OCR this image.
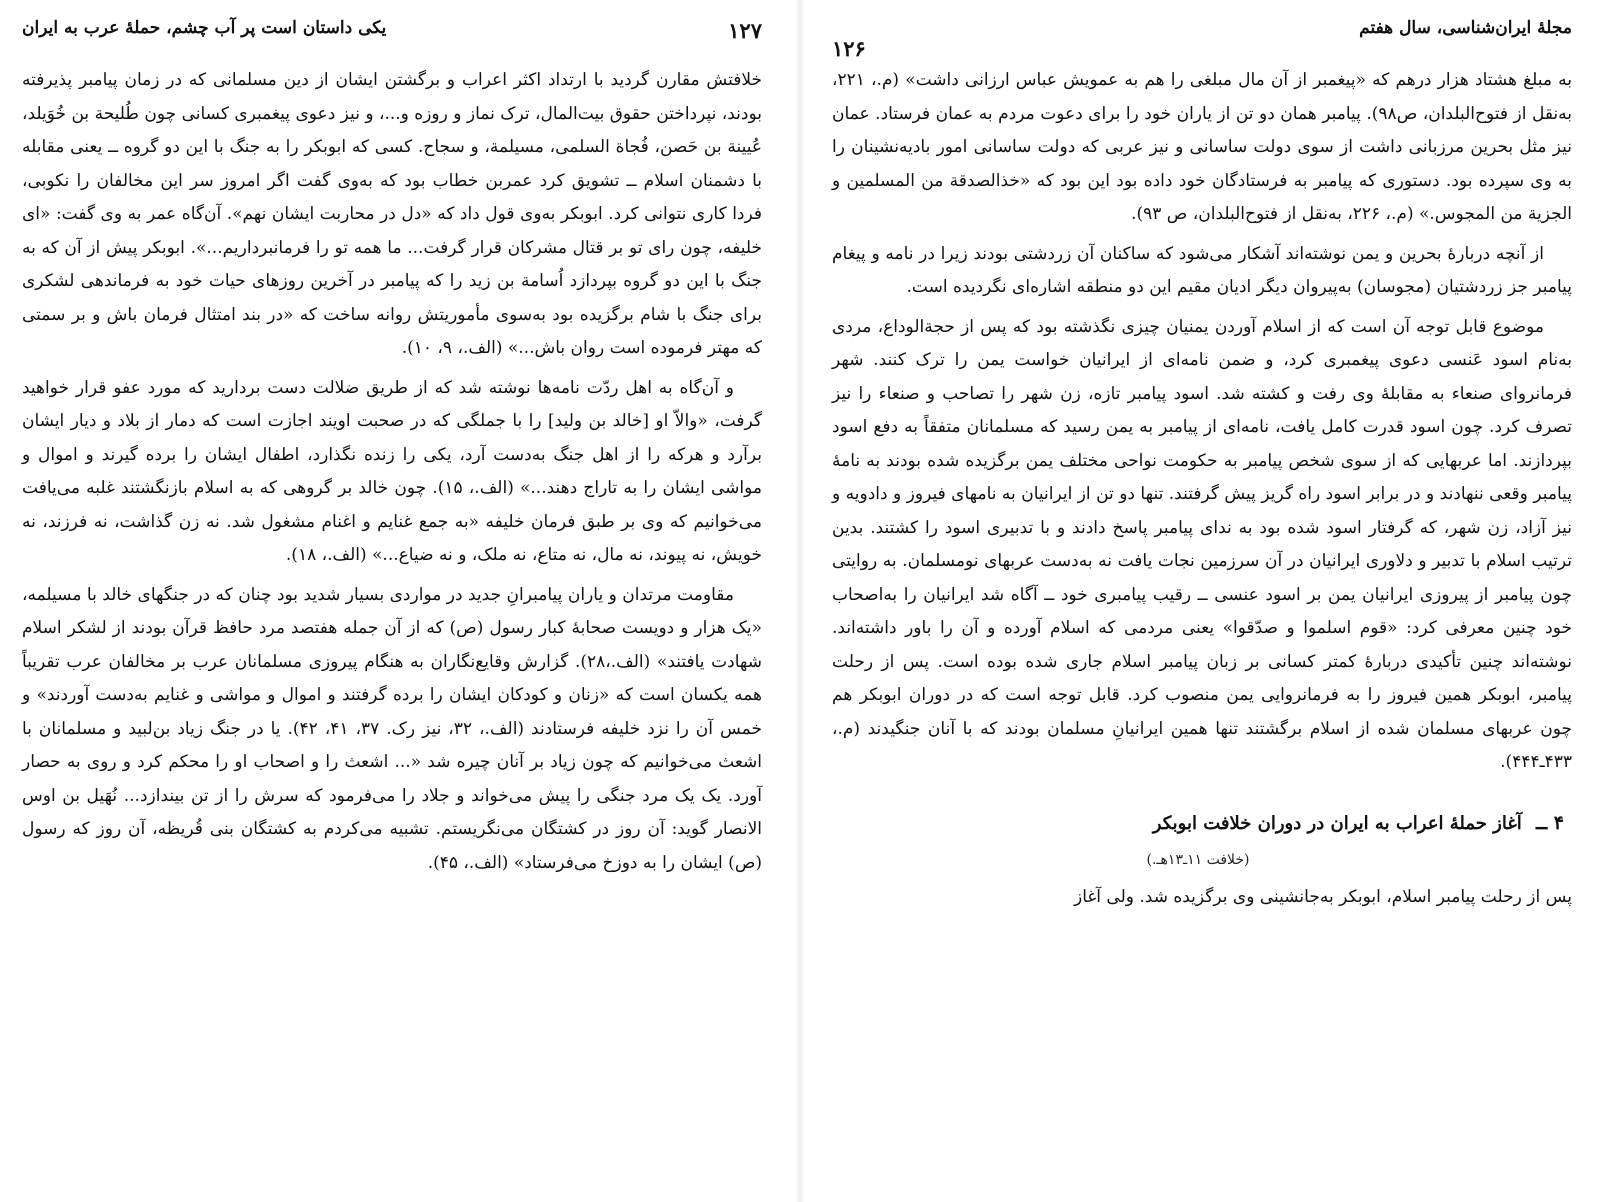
۱۲۷
یکی داستان است پر آب چشم، حملهٔ عرب به ایران

خلافتش مقارن گردید با ارتداد اکثر اعراب و برگشتن ایشان از دین مسلمانی که در زمان پیامبر پذیرفته بودند، نپرداختن حقوق بیت‌المال، ترک نماز و روزه و...، و نیز دعوی پیغمبری کسانی چون طُلیحة بن خُوَیلد، عُیینة بن حَصن، فُجاة السلمی، مسیلمة، و سجاح. کسی که ابوبکر را به جنگ با این دو گروه ــ یعنی مقابله با دشمنان اسلام ــ تشویق کرد عمربن خطاب بود که بەوی گفت اگر امروز سر این مخالفان را نکوبی، فردا کاری نتوانی کرد. ابوبکر بەوی قول داد که «دل در محاربت ایشان نهم». آن‌گاه عمر به وی گفت: «ای خلیفه، چون رای تو بر قتال مشرکان قرار گرفت... ما همه تو را فرمانبرداریم...». ابوبکر پیش از آن که به جنگ با این دو گروه بپردازد اُسامة بن زید را که پیامبر در آخرین روزهای حیات خود به فرماندهی لشکری برای جنگ با شام برگزیده بود بەسوی مأموریتش روانه ساخت که «در بند امتثال فرمان باش و بر سمتی که مهتر فرموده است روان باش...» (الف.، ۹، ۱۰).

و آن‌گاه به اهل ردّت نامەها نوشته شد که از طریق ضلالت دست بردارید که مورد عفو قرار خواهید گرفت، «والاّ او [خالد بن ولید] را با جملگی که در صحبت اویند اجازت است که دمار از بلاد و دیار ایشان برآرد و هرکه را از اهل جنگ بەدست آرد، یکی را زنده نگذارد، اطفال ایشان را برده گیرند و اموال و مواشی ایشان را به تاراج دهند...» (الف.، ۱۵). چون خالد بر گروهی که به اسلام بازنگشتند غلبه می‌یافت می‌خوانیم که وی بر طبق فرمان خلیفه «به جمع غنایم و اغنام مشغول شد. نه زن گذاشت، نه فرزند، نه خویش، نه پیوند، نه مال، نه متاع، نه ملک، و نه ضیاع...» (الف.، ۱۸).

مقاومت مرتدان و یاران پیامبرانِ جدید در مواردی بسیار شدید بود چنان که در جنگهای خالد با مسیلمه، «یک هزار و دویست صحابهٔ کبار رسول (ص) که از آن جمله هفتصد مرد حافظ قرآن بودند از لشکر اسلام شهادت یافتند» (الف.،۲۸). گزارش وقایع‌نگاران به هنگام پیروزی مسلمانان عرب بر مخالفان عرب تقریباً همه یکسان است که «زنان و کودکان ایشان را برده گرفتند و اموال و مواشی و غنایم بەدست آوردند» و خمس آن را نزد خلیفه فرستادند (الف.، ۳۲، نیز رک. ۳۷، ۴۱، ۴۲). یا در جنگ زیاد بن‌لبید و مسلمانان با اشعث می‌خوانیم که چون زیاد بر آنان چیره شد «... اشعث را و اصحاب او را محکم کرد و روی به حصار آورد. یک یک مرد جنگی را پیش می‌خواند و جلاد را می‌فرمود که سرش را از تن بیندازد... نُهَیل بن اوس الانصار گوید: آن روز در کشتگان می‌نگریستم. تشبیه می‌کردم به کشتگان بنی قُریظه، آن روز که رسول (ص) ایشان را به دوزخ می‌فرستاد» (الف.، ۴۵).

مجلهٔ ایران‌شناسی، سال هفتم
۱۲۶

به مبلغ هشتاد هزار درهم که «پیغمبر از آن مال مبلغی را هم به عمویش عباس ارزانی داشت» (م.، ۲۲۱، بەنقل از فتوح‌البلدان، ص۹۸). پیامبر همان دو تن از یاران خود را برای دعوت مردم به عمان فرستاد. عمان نیز مثل بحرین مرزبانی داشت از سوی دولت ساسانی و نیز عربی که دولت ساسانی امور بادیەنشینان را به وی سپرده بود. دستوری که پیامبر به فرستادگان خود داده بود این بود که «خذالصدقة من المسلمین و الجزیة من المجوس.» (م.، ۲۲۶، بەنقل از فتوح‌البلدان، ص ۹۳).

از آنچه دربارهٔ بحرین و یمن نوشته‌اند آشکار می‌شود که ساکنان آن زردشتی بودند زیرا در نامه و پیغام پیامبر جز زردشتیان (مجوسان) به‌پیروان دیگر ادیان مقیم این دو منطقه اشاره‌ای نگردیده است.

موضوع قابل توجه آن است که از اسلام آوردن یمنیان چیزی نگذشته بود که پس از حجةالوداع، مردی بەنام اسود عَنسی دعوی پیغمبری کرد، و ضمن نامه‌ای از ایرانیان خواست یمن را ترک کنند. شهر فرمانروای صنعاء به مقابلهٔ وی رفت و کشته شد. اسود پیامبر تازه، زن شهر را تصاحب و صنعاء را نیز تصرف کرد. چون اسود قدرت کامل یافت، نامه‌ای از پیامبر به یمن رسید که مسلمانان متفقاً به دفع اسود بپردازند. اما عربهایی که از سوی شخص پیامبر به حکومت نواحی مختلف یمن برگزیده شده بودند به نامهٔ پیامبر وقعی ننهادند و در برابر اسود راه گریز پیش گرفتند. تنها دو تن از ایرانیان به نامهای فیروز و دادویه و نیز آزاد، زن شهر، که گرفتار اسود شده بود به ندای پیامبر پاسخ دادند و با تدبیری اسود را کشتند. بدین ترتیب اسلام با تدبیر و دلاوری ایرانیان در آن سرزمین نجات یافت نه بەدست عربهای نومسلمان. به روایتی چون پیامبر از پیروزی ایرانیان یمن بر اسود عنسی ــ رقیب پیامبری خود ــ آگاه شد ایرانیان را بەاصحاب خود چنین معرفی کرد: «قوم اسلموا و صدّقوا» یعنی مردمی که اسلام آورده و آن را باور داشته‌اند. نوشته‌اند چنین تأکیدی دربارهٔ کمتر کسانی بر زبان پیامبر اسلام جاری شده بوده است. پس از رحلت پیامبر، ابوبکر همین فیروز را به فرمانروایی یمن منصوب کرد. قابل توجه است که در دوران ابوبکر هم چون عربهای مسلمان شده از اسلام برگشتند تنها همین ایرانیانِ مسلمان بودند که با آنان جنگیدند (م.، ۴۳۳ـ۴۴۴).

۴ ــ آغاز حملهٔ اعراب به ایران در دوران خلافت ابوبکر
(خلافت ۱۱ـ۱۳هـ.)

پس از رحلت پیامبر اسلام، ابوبکر بەجانشینی وی برگزیده شد. ولی آغاز
